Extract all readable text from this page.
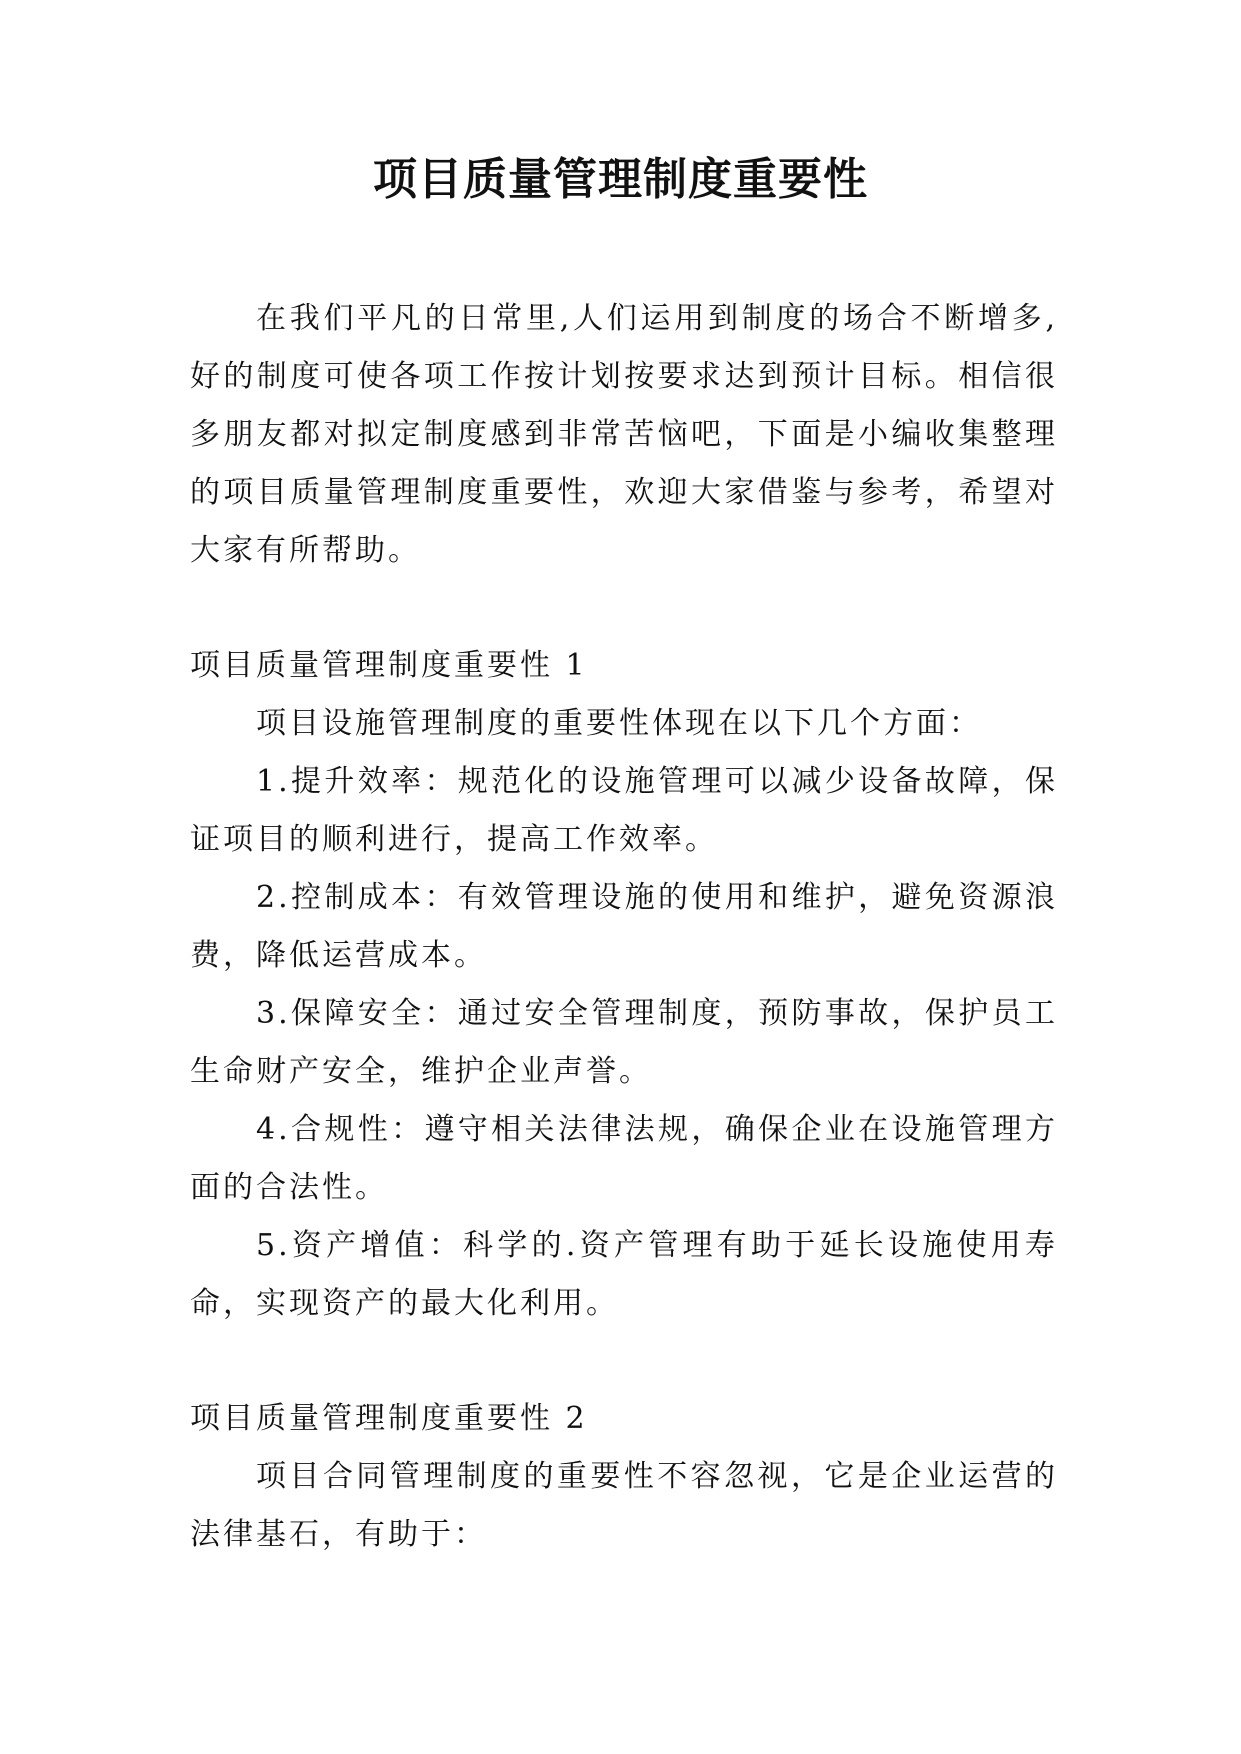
项目质量管理制度重要性

在我们平凡的日常里,人们运用到制度的场合不断增多,好的制度可使各项工作按计划按要求达到预计目标。相信很多朋友都对拟定制度感到非常苦恼吧，下面是小编收集整理的项目质量管理制度重要性，欢迎大家借鉴与参考，希望对大家有所帮助。

项目质量管理制度重要性 1

项目设施管理制度的重要性体现在以下几个方面：

1.提升效率：规范化的设施管理可以减少设备故障，保证项目的顺利进行，提高工作效率。

2.控制成本：有效管理设施的使用和维护，避免资源浪费，降低运营成本。

3.保障安全：通过安全管理制度，预防事故，保护员工生命财产安全，维护企业声誉。

4.合规性：遵守相关法律法规，确保企业在设施管理方面的合法性。

5.资产增值：科学的.资产管理有助于延长设施使用寿命，实现资产的最大化利用。

项目质量管理制度重要性 2

项目合同管理制度的重要性不容忽视，它是企业运营的法律基石，有助于：
